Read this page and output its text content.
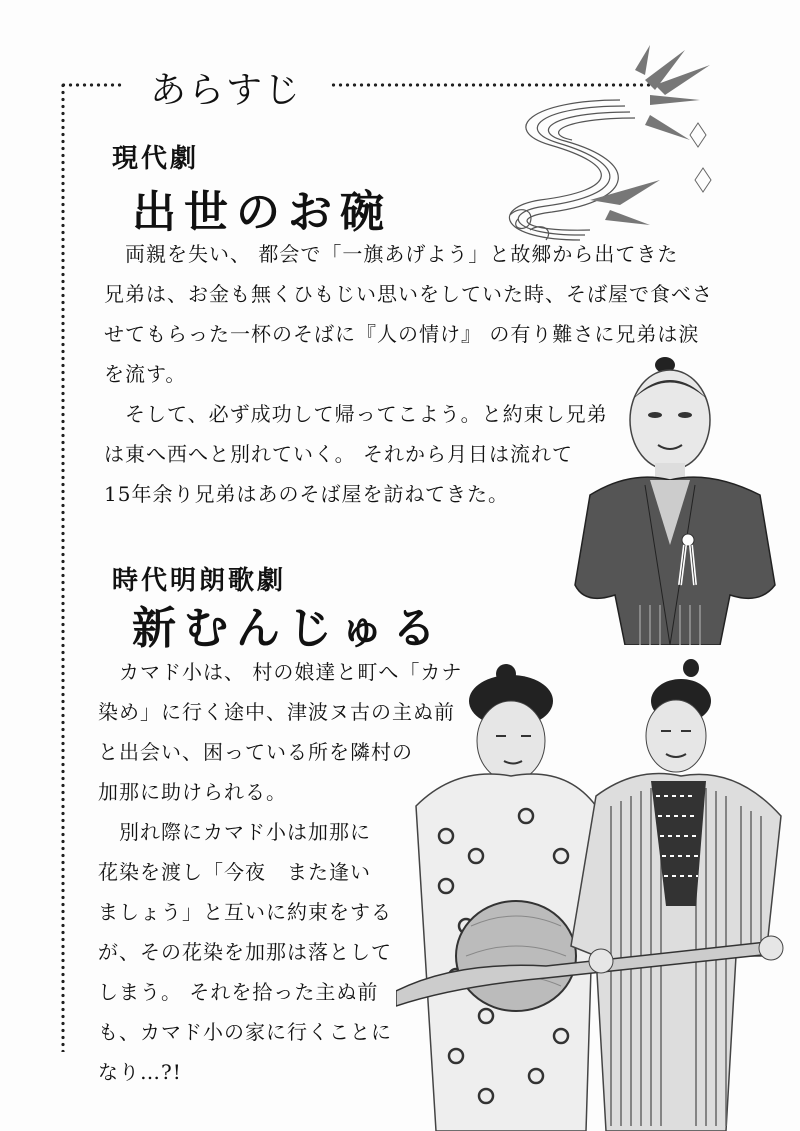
あらすじ
現代劇
出世のお碗
　両親を失い、 都会で「一旗あげよう」と故郷から出てきた
兄弟は、お金も無くひもじい思いをしていた時、そば屋で食べさ
せてもらった一杯のそばに『人の情け』 の有り難さに兄弟は涙
を流す。
　そして、必ず成功して帰ってこよう。と約束し兄弟
は東へ西へと別れていく。 それから月日は流れて
15年余り兄弟はあのそば屋を訪ねてきた。
時代明朗歌劇
新むんじゅる
　カマド小は、 村の娘達と町へ「カナ
染め」に行く途中、津波ヌ古の主ぬ前
と出会い、困っている所を隣村の
加那に助けられる。
　別れ際にカマド小は加那に
花染を渡し「今夜　また逢い
ましょう」と互いに約束をする
が、その花染を加那は落として
しまう。 それを拾った主ぬ前
も、カマド小の家に行くことに
なり…?!
